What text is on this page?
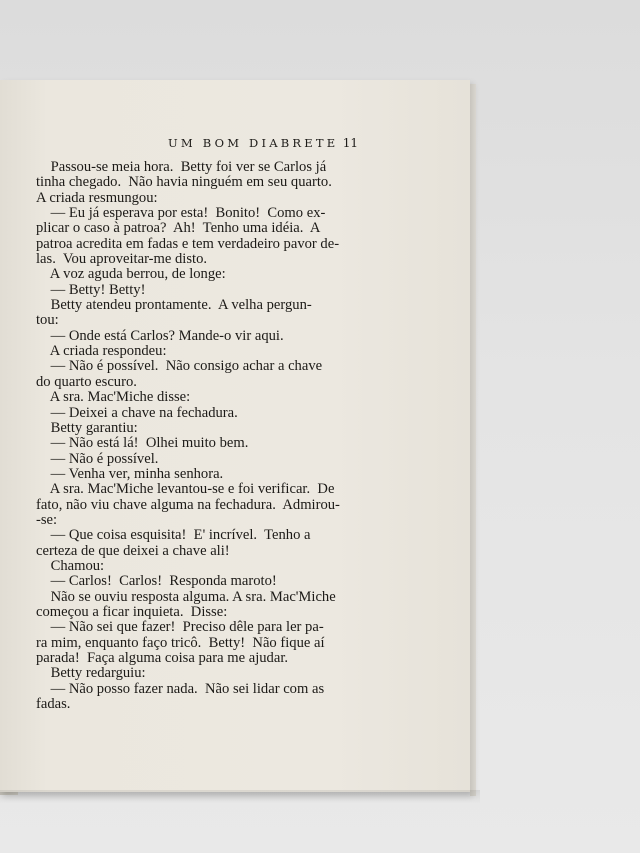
UM BOM DIABRETE 11
Passou-se meia hora.  Betty foi ver se Carlos já
tinha chegado.  Não havia ninguém em seu quarto.
A criada resmungou:
— Eu já esperava por esta!  Bonito!  Como ex-
plicar o caso à patroa?  Ah!  Tenho uma idéia.  A
patroa acredita em fadas e tem verdadeiro pavor de-
las.  Vou aproveitar-me disto.
A voz aguda berrou, de longe:
— Betty! Betty!
Betty atendeu prontamente.  A velha pergun-
tou:
— Onde está Carlos? Mande-o vir aqui.
A criada respondeu:
— Não é possível.  Não consigo achar a chave
do quarto escuro.
A sra. Mac'Miche disse:
— Deixei a chave na fechadura.
Betty garantiu:
— Não está lá!  Olhei muito bem.
— Não é possível.
— Venha ver, minha senhora.
A sra. Mac'Miche levantou-se e foi verificar.  De
fato, não viu chave alguma na fechadura.  Admirou-
-se:
— Que coisa esquisita!  E' incrível.  Tenho a
certeza de que deixei a chave ali!
Chamou:
— Carlos!  Carlos!  Responda maroto!
Não se ouviu resposta alguma. A sra. Mac'Miche
começou a ficar inquieta.  Disse:
— Não sei que fazer!  Preciso dêle para ler pa-
ra mim, enquanto faço tricô.  Betty!  Não fique aí
parada!  Faça alguma coisa para me ajudar.
Betty redarguiu:
— Não posso fazer nada.  Não sei lidar com as
fadas.
